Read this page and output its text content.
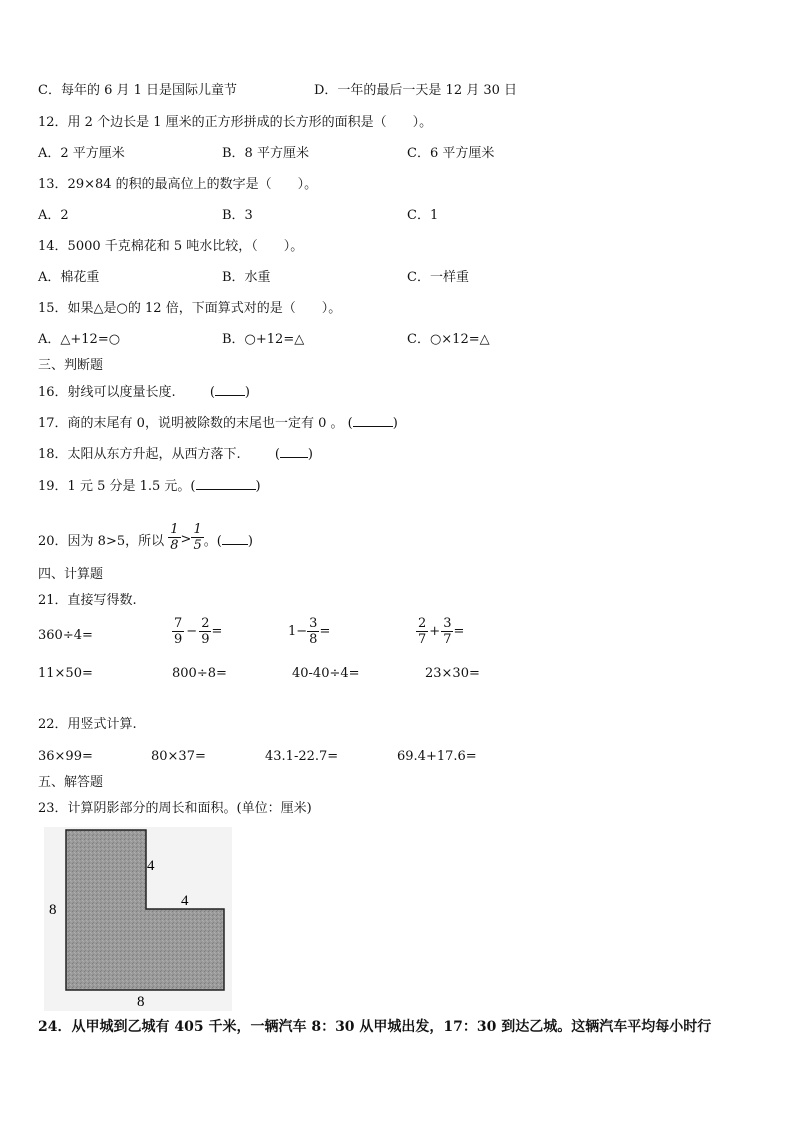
C．每年的 6 月 1 日是国际儿童节	D．一年的最后一天是 12 月 30 日
12．用 2 个边长是 1 厘米的正方形拼成的长方形的面积是（　　）。
A．2 平方厘米	B．8 平方厘米	C．6 平方厘米
13．29×84 的积的最高位上的数字是（　　）。
A．2	B．3	C．1
14．5000 千克棉花和 5 吨水比较，（　　）。
A．棉花重	B．水重	C．一样重
15．如果△是○的 12 倍，下面算式对的是（　　）。
A．△+12=○	B．○+12=△	C．○×12=△
三、判断题
16．射线可以度量长度.	( )
17．商的末尾有 0，说明被除数的末尾也一定有 0 。 (	)
18．太阳从东方升起，从西方落下.	( )
19．1 元 5 分是 1.5 元。(	)
20．因为 8>5，所以 $\frac{1}{8} > \frac{1}{5}$ 。( )
四、计算题
21．直接写得数.
360÷4=	$\frac{7}{9} - \frac{2}{9}$ =	$1- \frac{3}{8}$ =	$\frac{2}{7} + \frac{3}{7}$ =
11×50=	800÷8=	40-40÷4=	23×30=
22．用竖式计算.
36×99=	80×37=	43.1-22.7=	69.4+17.6=
五、解答题
23．计算阴影部分的周长和面积。(单位：厘米)
8
4
4
8
24．从甲城到乙城有 405 千米，一辆汽车 8：30 从甲城出发，17：30 到达乙城。这辆汽车平均每小时行
